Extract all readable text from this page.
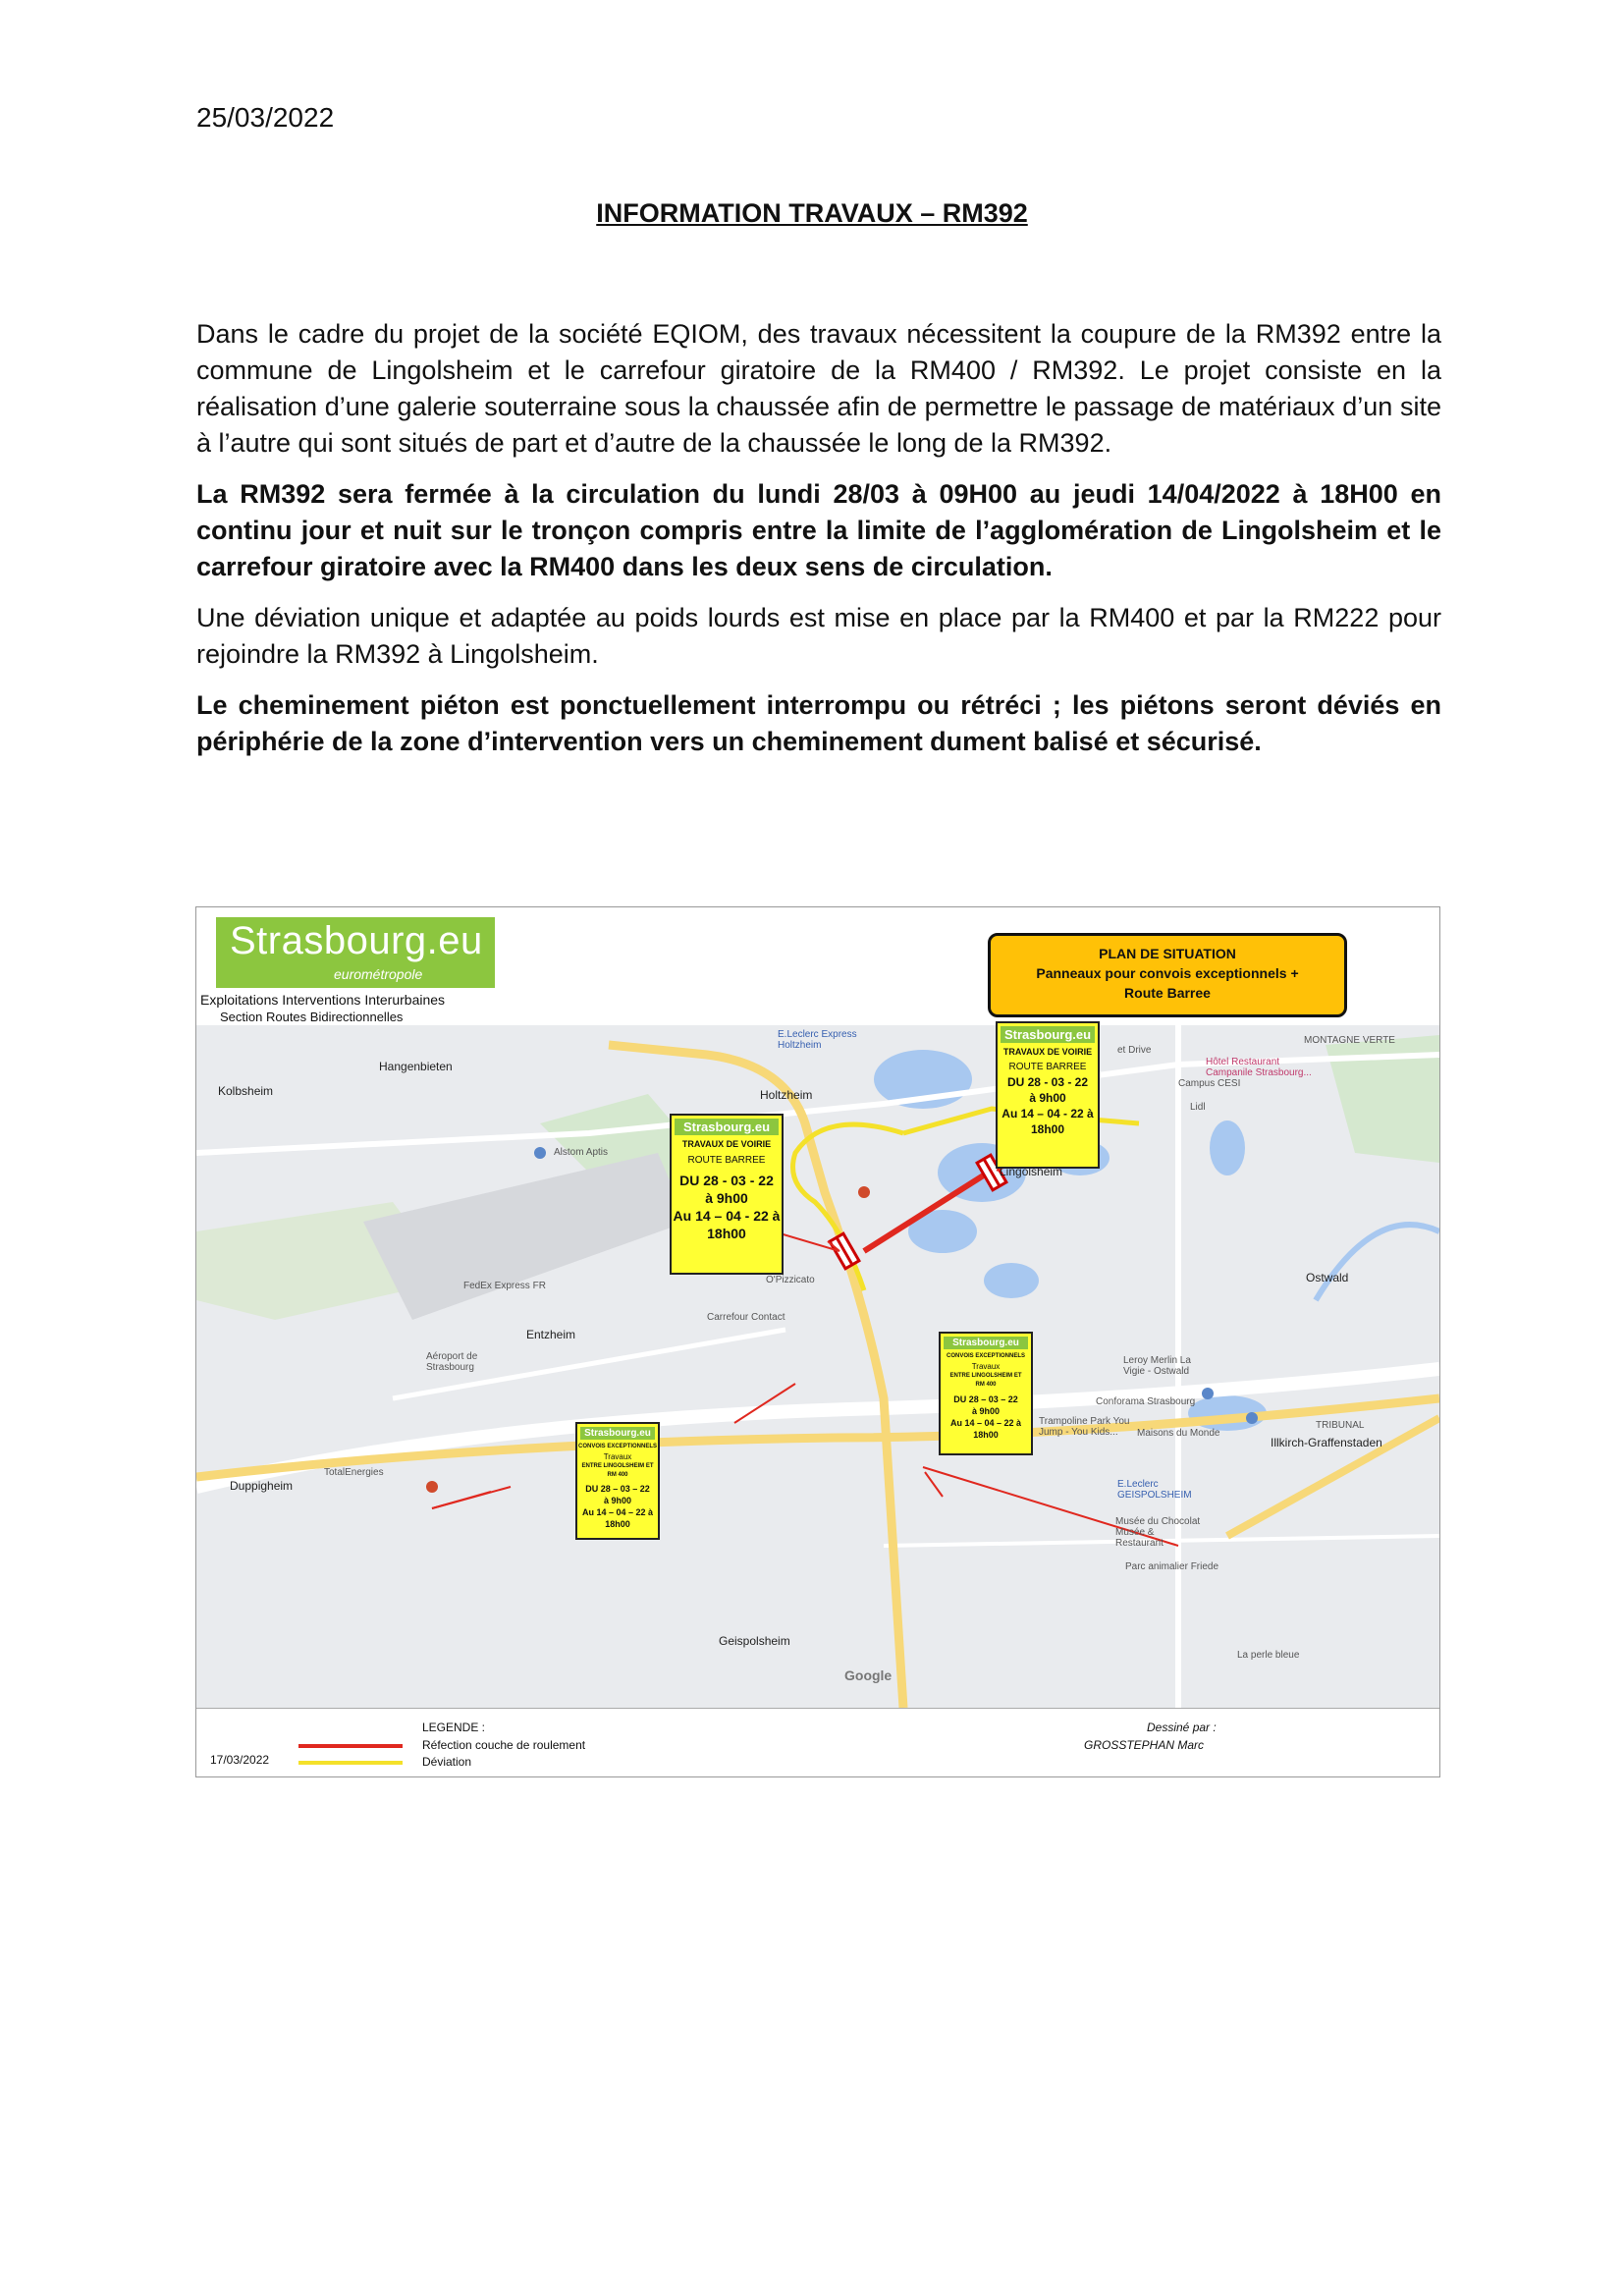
25/03/2022
INFORMATION TRAVAUX – RM392

Dans le cadre du projet de la société EQIOM, des travaux nécessitent la coupure de la RM392 entre la commune de Lingolsheim et le carrefour giratoire de la RM400 / RM392. Le projet consiste en la réalisation d’une galerie souterraine sous la chaussée afin de permettre le passage de matériaux d’un site à l’autre qui sont situés de part et d’autre de la chaussée le long de la RM392.

La RM392 sera fermée à la circulation du lundi 28/03 à 09H00 au jeudi 14/04/2022 à 18H00 en continu jour et nuit sur le tronçon compris entre la limite de l’agglomération de Lingolsheim et le carrefour giratoire avec la RM400 dans les deux sens de circulation.

Une déviation unique et adaptée au poids lourds est mise en place par la RM400 et par la RM222 pour rejoindre la RM392 à Lingolsheim.

Le cheminement piéton est ponctuellement interrompu ou rétréci ; les piétons seront déviés en périphérie de la zone d’intervention vers un cheminement dument balisé et sécurisé.

Strasbourg.eu
eurométropole
Exploitations Interventions Interurbaines
Section Routes Bidirectionnelles
PLAN DE SITUATION
Panneaux pour convois exceptionnels +
Route Barree
Strasbourg.eu
TRAVAUX DE VOIRIE
ROUTE BARREE
DU 28 - 03 - 22
à 9h00
Au 14 – 04 - 22 à
18h00
Strasbourg.eu
TRAVAUX DE VOIRIE
ROUTE BARREE
DU 28 - 03 - 22
à 9h00
Au 14 – 04 - 22 à
18h00
Strasbourg.eu
CONVOIS EXCEPTIONNELS
Travaux
ENTRE LINGOLSHEIM ET
RM 400
DU 28 – 03 – 22
à 9h00
Au 14 – 04 – 22 à
18h00
Strasbourg.eu
CONVOIS EXCEPTIONNELS
Travaux
ENTRE LINGOLSHEIM ET
RM 400
DU 28 – 03 – 22
à 9h00
Au 14 – 04 – 22 à
18h00
Kolbsheim
Hangenbieten
Holtzheim
Lingolsheim
Entzheim
Duppigheim
Geispolsheim
Ostwald
Illkirch-Graffenstaden
MONTAGNE VERTE
TRIBUNAL
Aéroport de Strasbourg
Alstom Aptis
FedEx Express FR
Carrefour Contact
O'Pizzicato
E.Leclerc Express Holtzheim
E.Leclerc GEISPOLSHEIM
Leroy Merlin La Vigie - Ostwald
Conforama Strasbourg
Trampoline Park You Jump - You Kids...	Maisons du Monde
Musée du Chocolat Musée & Restaurant
Parc animalier Friede
La perle bleue
Hôtel Restaurant Campanile Strasbourg...
Campus CESI
Lidl
et Drive
TotalEnergies
Google
17/03/2022
LEGENDE :
Réfection couche de roulement
Déviation
Dessiné par :
GROSSTEPHAN Marc
